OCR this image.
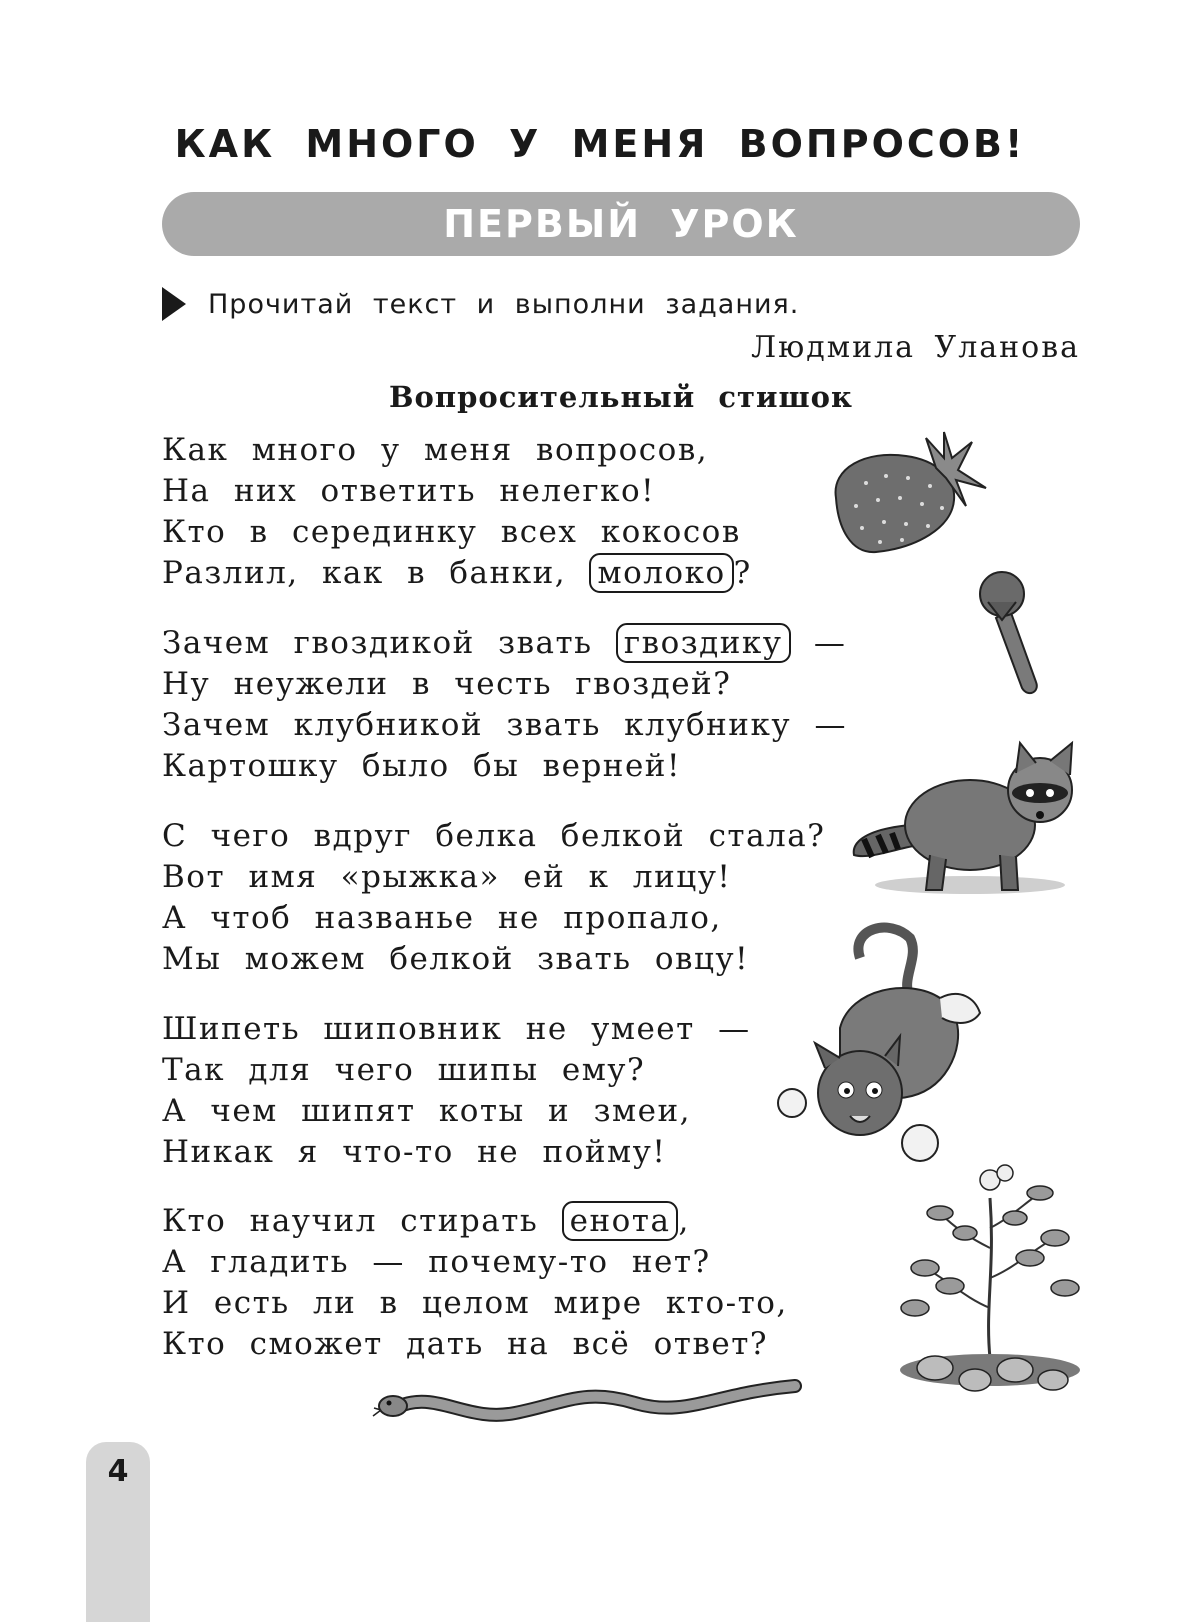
КАК МНОГО У МЕНЯ ВОПРОСОВ!
ПЕРВЫЙ УРОК
Прочитай текст и выполни задания.
Людмила Уланова
Вопросительный стишок
Как много у меня вопросов,
На них ответить нелегко!
Кто в серединку всех кокосов
Разлил, как в банки, молоко ?
Зачем гвоздикой звать гвоздику —
Ну неужели в честь гвоздей?
Зачем клубникой звать клубнику —
Картошку было бы верней!
С чего вдруг белка белкой стала?
Вот имя «рыжка» ей к лицу!
А чтоб названье не пропало,
Мы можем белкой звать овцу!
Шипеть шиповник не умеет —
Так для чего шипы ему?
А чем шипят коты и змеи,
Никак я что-то не пойму!
Кто научил стирать енота ,
А гладить — почему-то нет?
И есть ли в целом мире кто-то,
Кто сможет дать на всё ответ?
4
